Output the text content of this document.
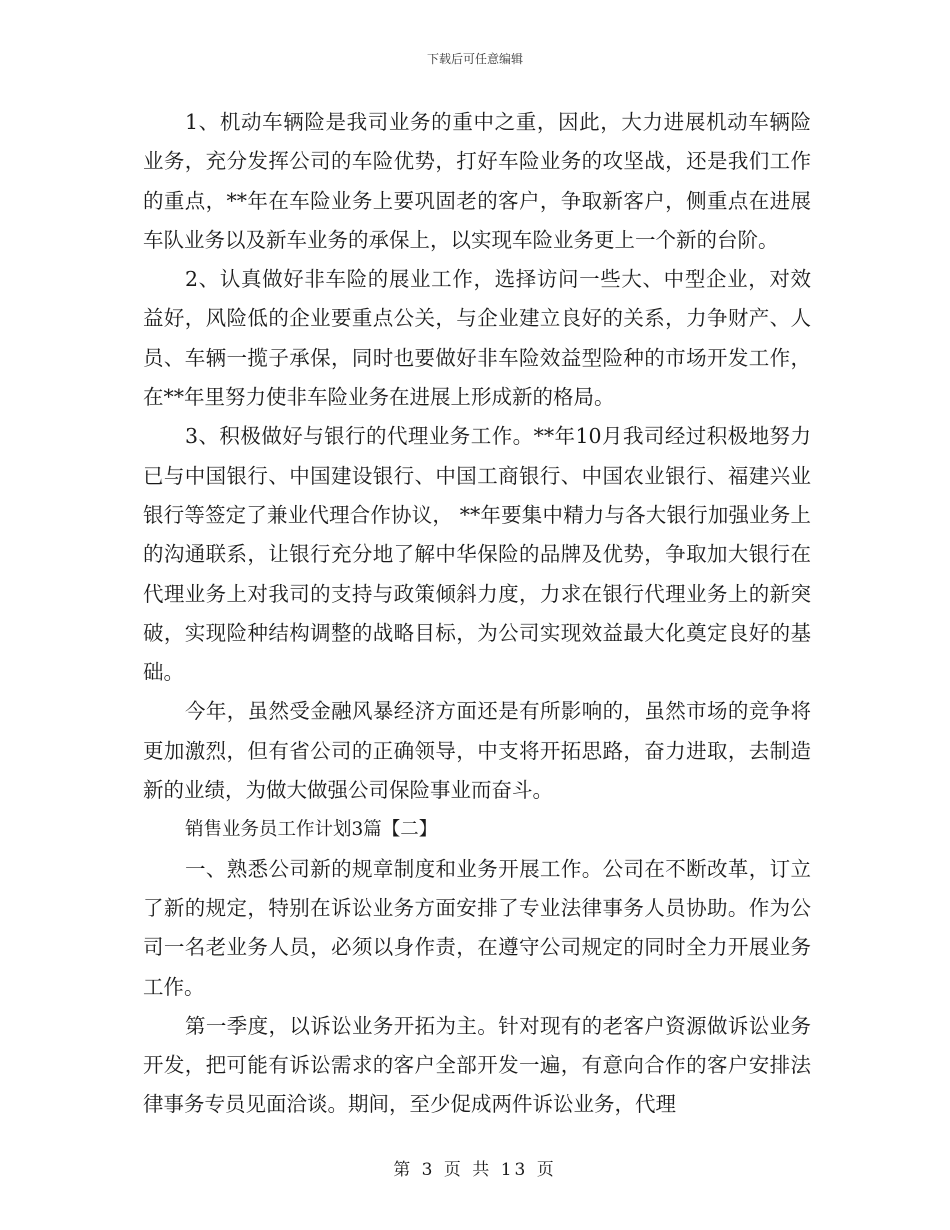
下载后可任意编辑

1、机动车辆险是我司业务的重中之重，因此，大力进展机动车辆险业务，充分发挥公司的车险优势，打好车险业务的攻坚战，还是我们工作的重点，**年在车险业务上要巩固老的客户，争取新客户，侧重点在进展车队业务以及新车业务的承保上，以实现车险业务更上一个新的台阶。

2、认真做好非车险的展业工作，选择访问一些大、中型企业，对效益好，风险低的企业要重点公关，与企业建立良好的关系，力争财产、人员、车辆一揽子承保，同时也要做好非车险效益型险种的市场开发工作，在**年里努力使非车险业务在进展上形成新的格局。

3、积极做好与银行的代理业务工作。**年10月我司经过积极地努力已与中国银行、中国建设银行、中国工商银行、中国农业银行、福建兴业银行等签定了兼业代理合作协议， **年要集中精力与各大银行加强业务上的沟通联系，让银行充分地了解中华保险的品牌及优势，争取加大银行在代理业务上对我司的支持与政策倾斜力度，力求在银行代理业务上的新突破，实现险种结构调整的战略目标，为公司实现效益最大化奠定良好的基础。

今年，虽然受金融风暴经济方面还是有所影响的，虽然市场的竞争将更加激烈，但有省公司的正确领导，中支将开拓思路，奋力进取，去制造新的业绩，为做大做强公司保险事业而奋斗。

销售业务员工作计划3篇【二】

一、熟悉公司新的规章制度和业务开展工作。公司在不断改革，订立了新的规定，特别在诉讼业务方面安排了专业法律事务人员协助。作为公司一名老业务人员，必须以身作责，在遵守公司规定的同时全力开展业务工作。

第一季度，以诉讼业务开拓为主。针对现有的老客户资源做诉讼业务开发，把可能有诉讼需求的客户全部开发一遍，有意向合作的客户安排法律事务专员见面洽谈。期间，至少促成两件诉讼业务，代理

第 3 页 共 13 页
